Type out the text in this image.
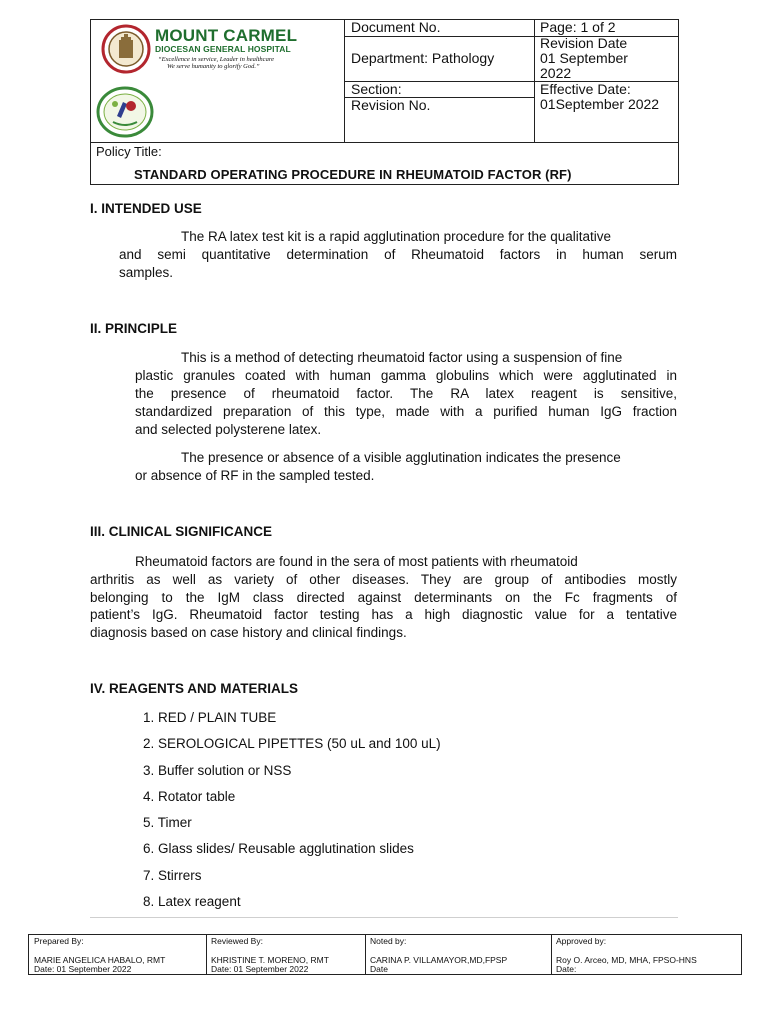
MOUNT CARMEL
DIOCESAN GENERAL HOSPITAL
“Excellence in service, Leader in healthcare
We serve humanity to glorify God.”
Document No.	Page: 1 of 2
Department: Pathology
Revision Date
01 September
2022
Section:
Revision No.
Effective Date:
01September 2022
Policy Title:
STANDARD OPERATING PROCEDURE IN RHEUMATOID FACTOR (RF)
I. INTENDED USE
The RA latex test kit is a rapid agglutination procedure for the qualitative
and semi quantitative determination of Rheumatoid factors in human serum
samples.
II. PRINCIPLE
This is a method of detecting rheumatoid factor using a suspension of fine
plastic granules coated with human gamma globulins which were agglutinated in
the presence of rheumatoid factor. The RA latex reagent is sensitive,
standardized preparation of this type, made with a purified human IgG fraction
and selected polysterene latex.
The presence or absence of a visible agglutination indicates the presence
or absence of RF in the sampled tested.
III. CLINICAL SIGNIFICANCE
Rheumatoid factors are found in the sera of most patients with rheumatoid
arthritis as well as variety of other diseases. They are group of antibodies mostly
belonging to the IgM class directed against determinants on the Fc fragments of
patient’s IgG. Rheumatoid factor testing has a high diagnostic value for a tentative
diagnosis based on case history and clinical findings.
IV. REAGENTS AND MATERIALS
1. RED / PLAIN TUBE
2. SEROLOGICAL PIPETTES (50 uL and 100 uL)
3. Buffer solution or NSS
4. Rotator table
5. Timer
6. Glass slides/ Reusable agglutination slides
7. Stirrers
8. Latex reagent
Prepared By:
MARIE ANGELICA HABALO, RMT
Date: 01 September 2022
Reviewed By:
KHRISTINE T. MORENO, RMT
Date: 01 September 2022
Noted by:
CARINA P. VILLAMAYOR,MD,FPSP
Date
Approved by:
Roy O. Arceo, MD, MHA, FPSO-HNS
Date:
